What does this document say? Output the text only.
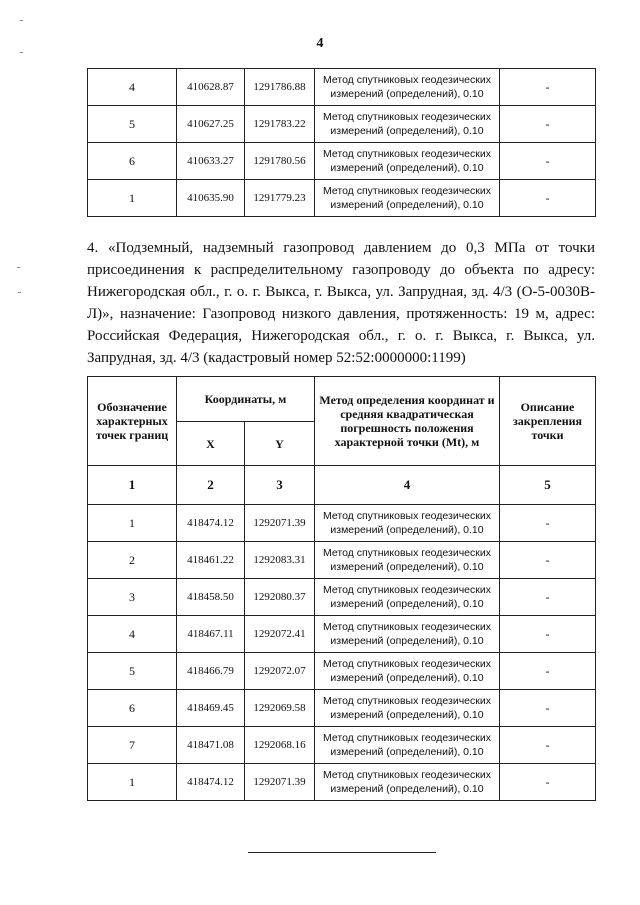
4
4	410628.87	1291786.88	Метод спутниковых геодезических измерений (определений), 0.10	-
5	410627.25	1291783.22	Метод спутниковых геодезических измерений (определений), 0.10	-
6	410633.27	1291780.56	Метод спутниковых геодезических измерений (определений), 0.10	-
1	410635.90	1291779.23	Метод спутниковых геодезических измерений (определений), 0.10	-

4. «Подземный, надземный газопровод давлением до 0,3 МПа от точки присоединения к распределительному газопроводу до объекта по адресу: Нижегородская обл., г. о. г. Выкса, г. Выкса, ул. Запрудная, зд. 4/3 (О-5-0030В-Л)», назначение: Газопровод низкого давления, протяженность: 19 м, адрес: Российская Федерация, Нижегородская обл., г. о. г. Выкса, г. Выкса, ул. Запрудная, зд. 4/3 (кадастровый номер 52:52:0000000:1199)

Обозначение характерных точек границ	Координаты, м		Метод определения координат и средняя квадратическая погрешность положения характерной точки (Mt), м	Описание закрепления точки
	X	Y		
1	2	3	4	5
1	418474.12	1292071.39	Метод спутниковых геодезических измерений (определений), 0.10	-
2	418461.22	1292083.31	Метод спутниковых геодезических измерений (определений), 0.10	-
3	418458.50	1292080.37	Метод спутниковых геодезических измерений (определений), 0.10	-
4	418467.11	1292072.41	Метод спутниковых геодезических измерений (определений), 0.10	-
5	418466.79	1292072.07	Метод спутниковых геодезических измерений (определений), 0.10	-
6	418469.45	1292069.58	Метод спутниковых геодезических измерений (определений), 0.10	-
7	418471.08	1292068.16	Метод спутниковых геодезических измерений (определений), 0.10	-
1	418474.12	1292071.39	Метод спутниковых геодезических измерений (определений), 0.10	-
